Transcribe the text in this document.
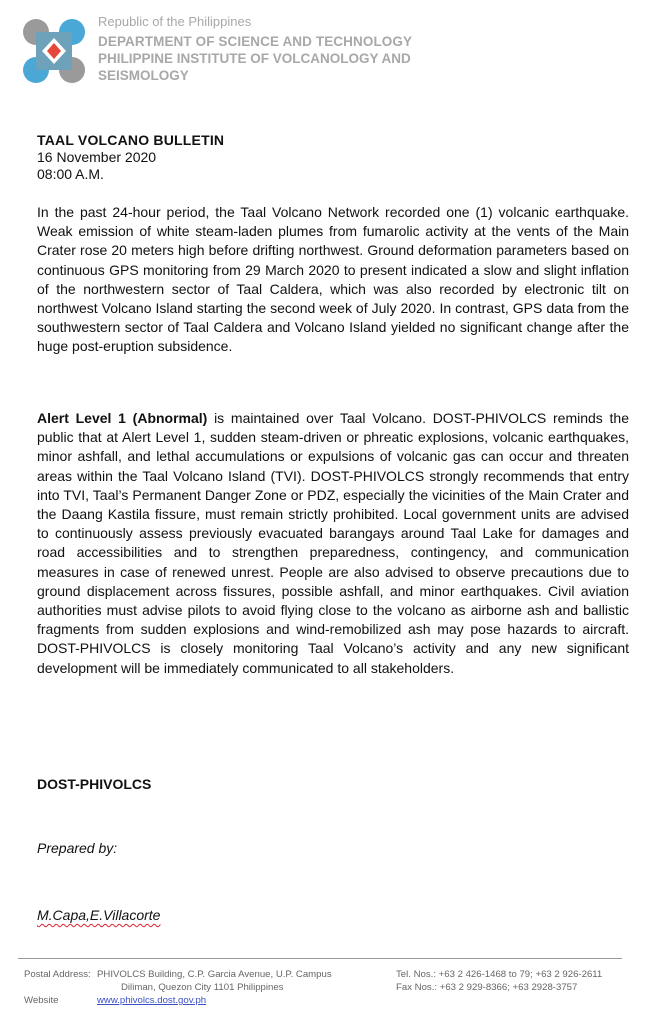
Republic of the Philippines
DEPARTMENT OF SCIENCE AND TECHNOLOGY
PHILIPPINE INSTITUTE OF VOLCANOLOGY AND SEISMOLOGY
TAAL VOLCANO BULLETIN
16 November 2020
08:00 A.M.
In the past 24-hour period, the Taal Volcano Network recorded one (1) volcanic earthquake. Weak emission of white steam-laden plumes from fumarolic activity at the vents of the Main Crater rose 20 meters high before drifting northwest. Ground deformation parameters based on continuous GPS monitoring from 29 March 2020 to present indicated a slow and slight inflation of the northwestern sector of Taal Caldera, which was also recorded by electronic tilt on northwest Volcano Island starting the second week of July 2020. In contrast, GPS data from the southwestern sector of Taal Caldera and Volcano Island yielded no significant change after the huge post-eruption subsidence.
Alert Level 1 (Abnormal) is maintained over Taal Volcano. DOST-PHIVOLCS reminds the public that at Alert Level 1, sudden steam-driven or phreatic explosions, volcanic earthquakes, minor ashfall, and lethal accumulations or expulsions of volcanic gas can occur and threaten areas within the Taal Volcano Island (TVI). DOST-PHIVOLCS strongly recommends that entry into TVI, Taal’s Permanent Danger Zone or PDZ, especially the vicinities of the Main Crater and the Daang Kastila fissure, must remain strictly prohibited. Local government units are advised to continuously assess previously evacuated barangays around Taal Lake for damages and road accessibilities and to strengthen preparedness, contingency, and communication measures in case of renewed unrest. People are also advised to observe precautions due to ground displacement across fissures, possible ashfall, and minor earthquakes. Civil aviation authorities must advise pilots to avoid flying close to the volcano as airborne ash and ballistic fragments from sudden explosions and wind-remobilized ash may pose hazards to aircraft. DOST-PHIVOLCS is closely monitoring Taal Volcano’s activity and any new significant development will be immediately communicated to all stakeholders.
DOST-PHIVOLCS
Prepared by:
M.Capa,E.Villacorte
Postal Address:

Website
PHIVOLCS Building, C.P. Garcia Avenue, U.P. Campus
Diliman, Quezon City 1101 Philippines
www.phivolcs.dost.gov.ph
Tel. Nos.: +63 2 426-1468 to 79; +63 2 926-2611
Fax Nos.: +63 2 929-8366; +63 2928-3757
